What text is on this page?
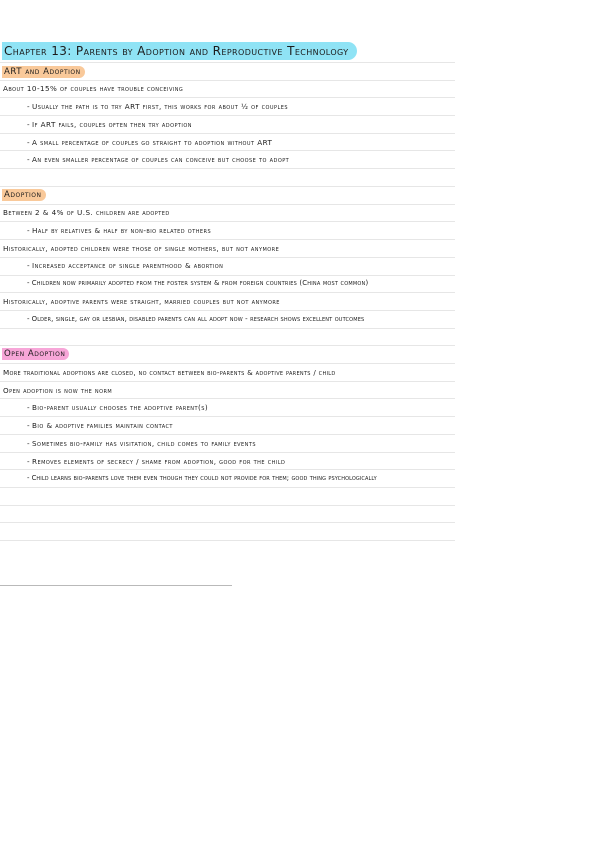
Chapter 13: Parents by Adoption and Reproductive Technology
ART and Adoption
About 10-15% of couples have trouble conceiving
- Usually the path is to try ART first, this works for about ½ of couples
- If ART fails, couples often then try adoption
- A small percentage of couples go straight to adoption without ART
- An even smaller percentage of couples can conceive but choose to adopt
Adoption
Between 2 & 4% of U.S. children are adopted
- Half by relatives & half by non-bio related others
Historically, adopted children were those of single mothers, but not anymore
- Increased acceptance of single parenthood & abortion
- Children now primarily adopted from the foster system & from foreign countries (China most common)
Historically, adoptive parents were straight, married couples but not anymore
- Older, single, gay or lesbian, disabled parents can all adopt now - research shows excellent outcomes
Open Adoption
More traditional adoptions are closed, no contact between bio-parents & adoptive parents / child
Open adoption is now the norm
- Bio-parent usually chooses the adoptive parent(s)
- Bio & adoptive families maintain contact
- Sometimes bio-family has visitation, child comes to family events
- Removes elements of secrecy / shame from adoption, good for the child
- Child learns bio-parents love them even though they could not provide for them; good thing psychologically
